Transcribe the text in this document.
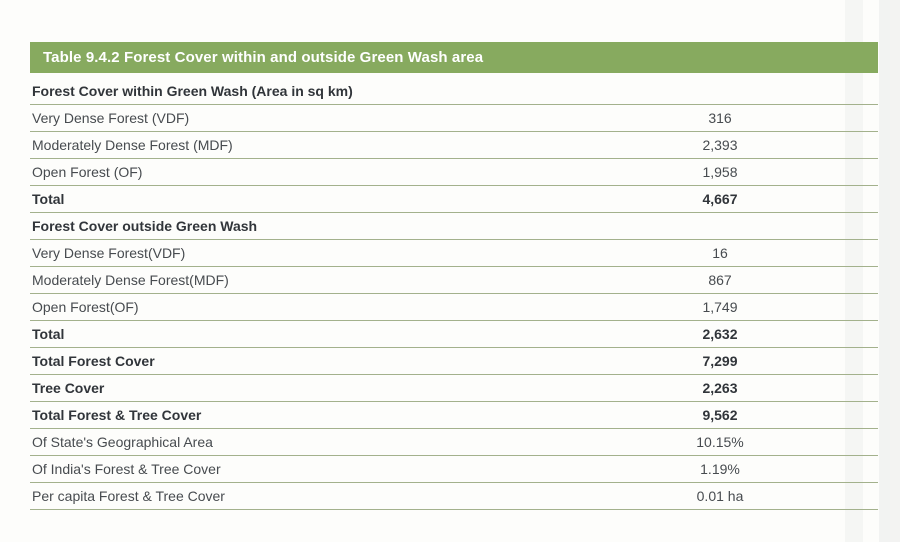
Table 9.4.2 Forest Cover within and outside Green Wash area
Forest Cover within Green Wash (Area in sq km)
Very Dense Forest (VDF)	316
Moderately Dense Forest (MDF)	2,393
Open Forest (OF)	1,958
Total	4,667
Forest Cover outside Green Wash
Very Dense Forest(VDF)	16
Moderately Dense Forest(MDF)	867
Open Forest(OF)	1,749
Total	2,632
Total Forest Cover	7,299
Tree Cover	2,263
Total Forest & Tree Cover	9,562
Of State's Geographical Area	10.15%
Of India's Forest & Tree Cover	1.19%
Per capita Forest & Tree Cover	0.01 ha
